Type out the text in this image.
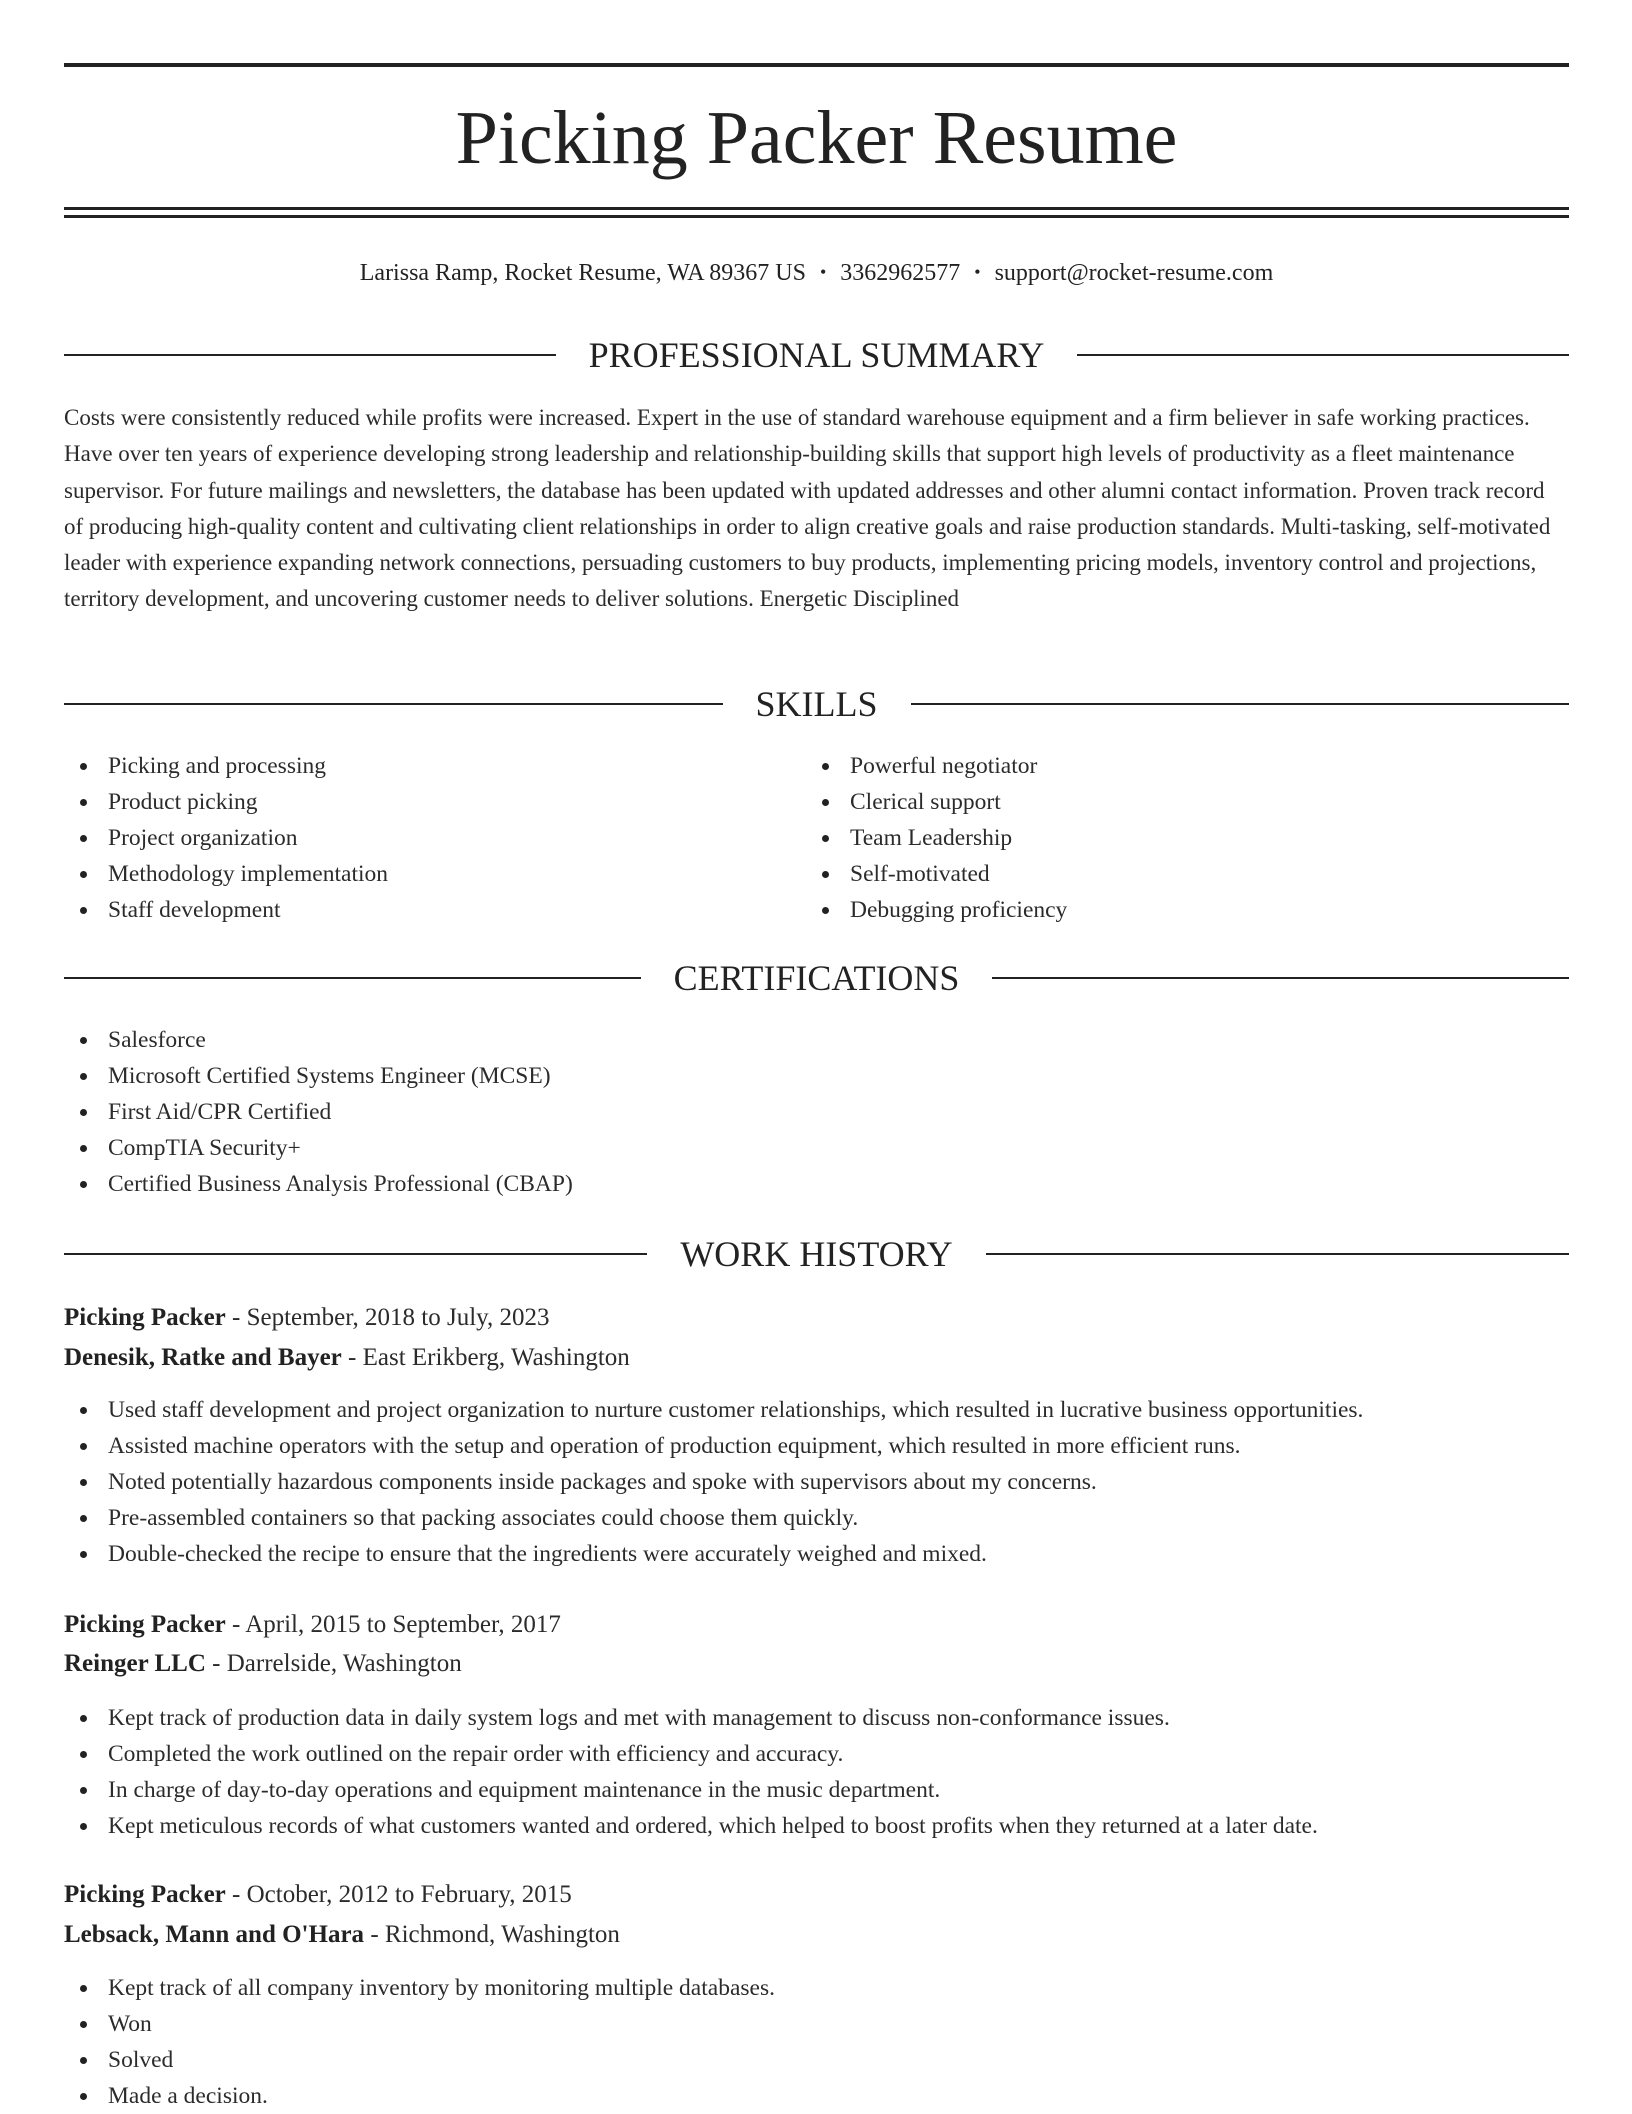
Picking Packer Resume
Larissa Ramp, Rocket Resume, WA 89367 US • 3362962577 • support@rocket-resume.com
PROFESSIONAL SUMMARY

Costs were consistently reduced while profits were increased. Expert in the use of standard warehouse equipment and a firm believer in safe working practices. Have over ten years of experience developing strong leadership and relationship-building skills that support high levels of productivity as a fleet maintenance supervisor. For future mailings and newsletters, the database has been updated with updated addresses and other alumni contact information. Proven track record of producing high-quality content and cultivating client relationships in order to align creative goals and raise production standards. Multi-tasking, self-motivated leader with experience expanding network connections, persuading customers to buy products, implementing pricing models, inventory control and projections, territory development, and uncovering customer needs to deliver solutions. Energetic Disciplined

SKILLS
Picking and processing
Product picking
Project organization
Methodology implementation
Staff development
Powerful negotiator
Clerical support
Team Leadership
Self-motivated
Debugging proficiency
CERTIFICATIONS
Salesforce
Microsoft Certified Systems Engineer (MCSE)
First Aid/CPR Certified
CompTIA Security+
Certified Business Analysis Professional (CBAP)
WORK HISTORY
Picking Packer - September, 2018 to July, 2023
Denesik, Ratke and Bayer - East Erikberg, Washington
Used staff development and project organization to nurture customer relationships, which resulted in lucrative business opportunities.
Assisted machine operators with the setup and operation of production equipment, which resulted in more efficient runs.
Noted potentially hazardous components inside packages and spoke with supervisors about my concerns.
Pre-assembled containers so that packing associates could choose them quickly.
Double-checked the recipe to ensure that the ingredients were accurately weighed and mixed.
Picking Packer - April, 2015 to September, 2017
Reinger LLC - Darrelside, Washington
Kept track of production data in daily system logs and met with management to discuss non-conformance issues.
Completed the work outlined on the repair order with efficiency and accuracy.
In charge of day-to-day operations and equipment maintenance in the music department.
Kept meticulous records of what customers wanted and ordered, which helped to boost profits when they returned at a later date.
Picking Packer - October, 2012 to February, 2015
Lebsack, Mann and O'Hara - Richmond, Washington
Kept track of all company inventory by monitoring multiple databases.
Won
Solved
Made a decision.
